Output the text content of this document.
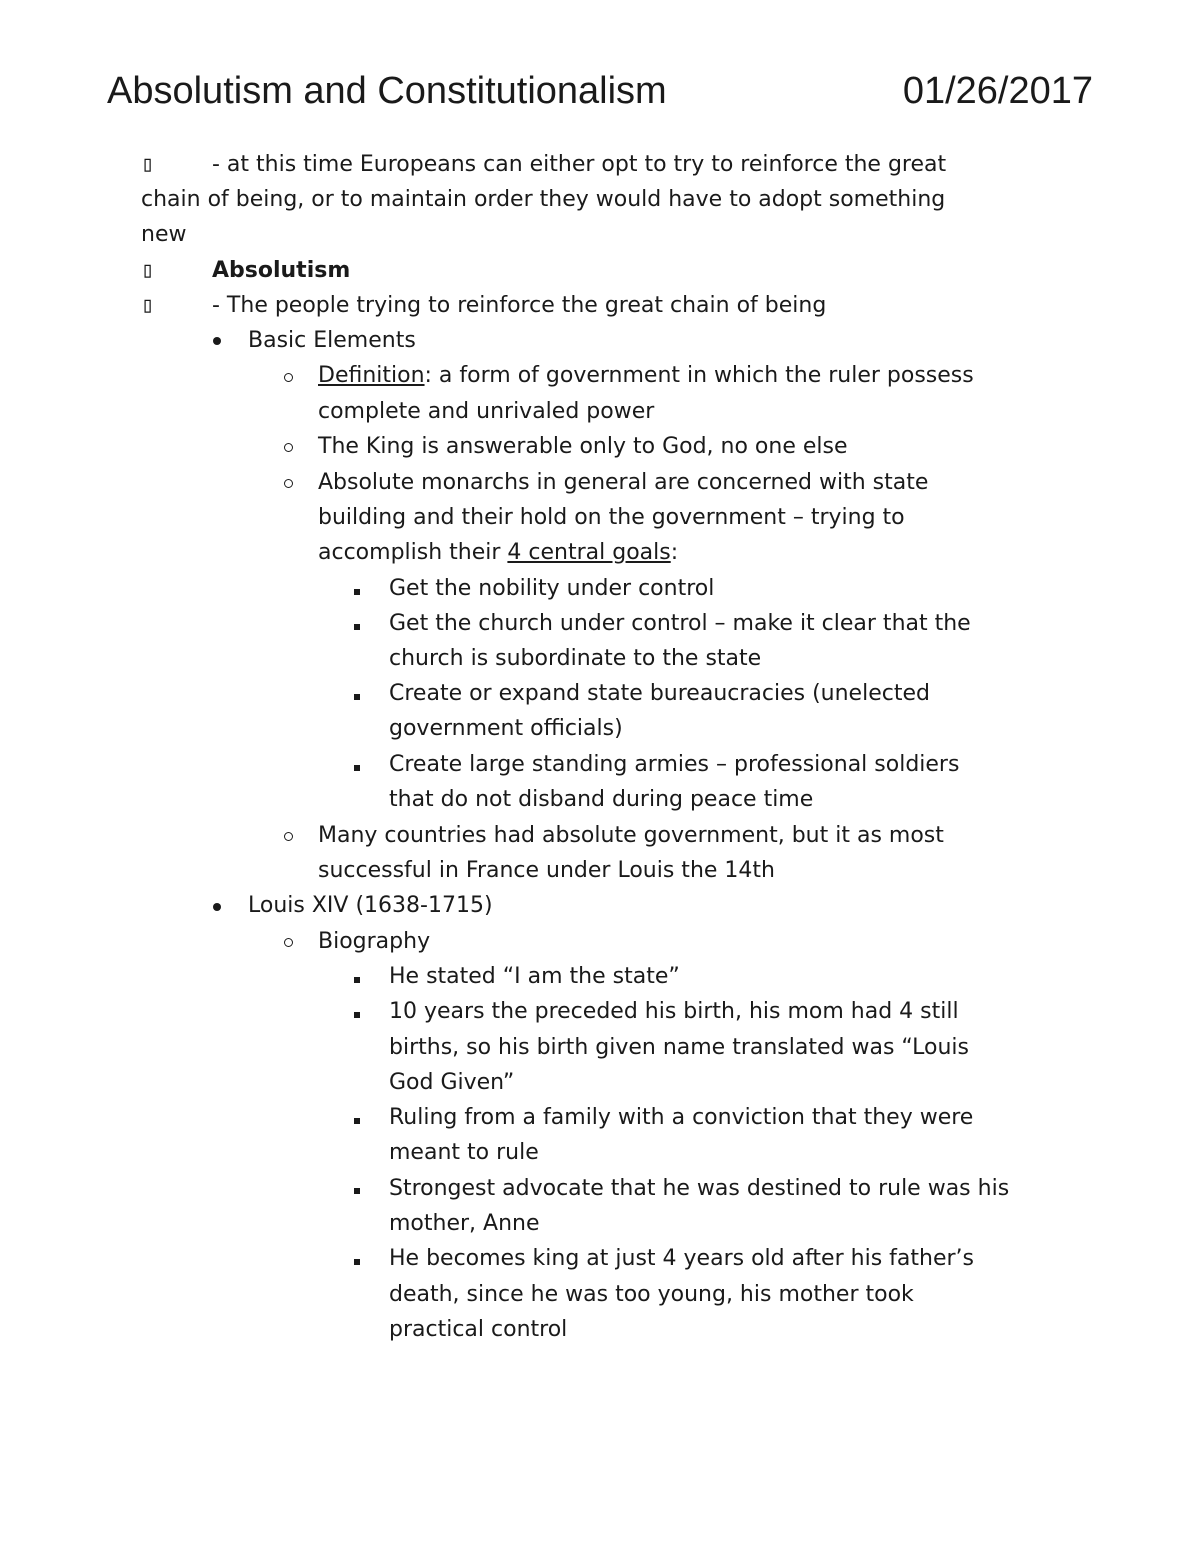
Absolutism and Constitutionalism	01/26/2017
▯	- at this time Europeans can either opt to try to reinforce the great
chain of being, or to maintain order they would have to adopt something
new
▯	Absolutism
▯	- The people trying to reinforce the great chain of being
Basic Elements
Definition: a form of government in which the ruler possess
complete and unrivaled power
The King is answerable only to God, no one else
Absolute monarchs in general are concerned with state
building and their hold on the government – trying to
accomplish their 4 central goals:
Get the nobility under control
Get the church under control – make it clear that the
church is subordinate to the state
Create or expand state bureaucracies (unelected
government officials)
Create large standing armies – professional soldiers
that do not disband during peace time
Many countries had absolute government, but it as most
successful in France under Louis the 14th
Louis XIV (1638-1715)
Biography
He stated “I am the state”
10 years the preceded his birth, his mom had 4 still
births, so his birth given name translated was “Louis
God Given”
Ruling from a family with a conviction that they were
meant to rule
Strongest advocate that he was destined to rule was his
mother, Anne
He becomes king at just 4 years old after his father’s
death, since he was too young, his mother took
practical control
